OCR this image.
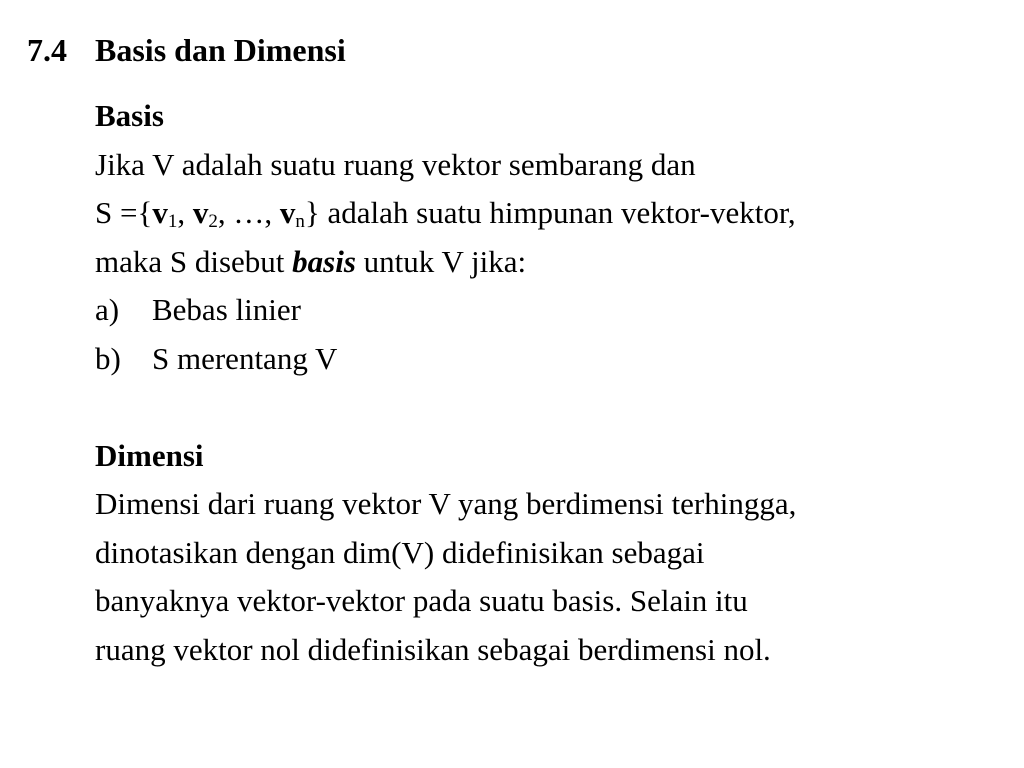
7.4 Basis dan Dimensi
Basis
Jika V adalah suatu ruang vektor sembarang dan
$S =\{v_1$, $v_2$, …, $v_n$} adalah suatu himpunan vektor-vektor,
maka S disebut basis untuk V jika:
a) Bebas linier
b) S merentang V
Dimensi
Dimensi dari ruang vektor V yang berdimensi terhingga,
dinotasikan dengan dim(V) didefinisikan sebagai
banyaknya vektor-vektor pada suatu basis. Selain itu
ruang vektor nol didefinisikan sebagai berdimensi nol.
